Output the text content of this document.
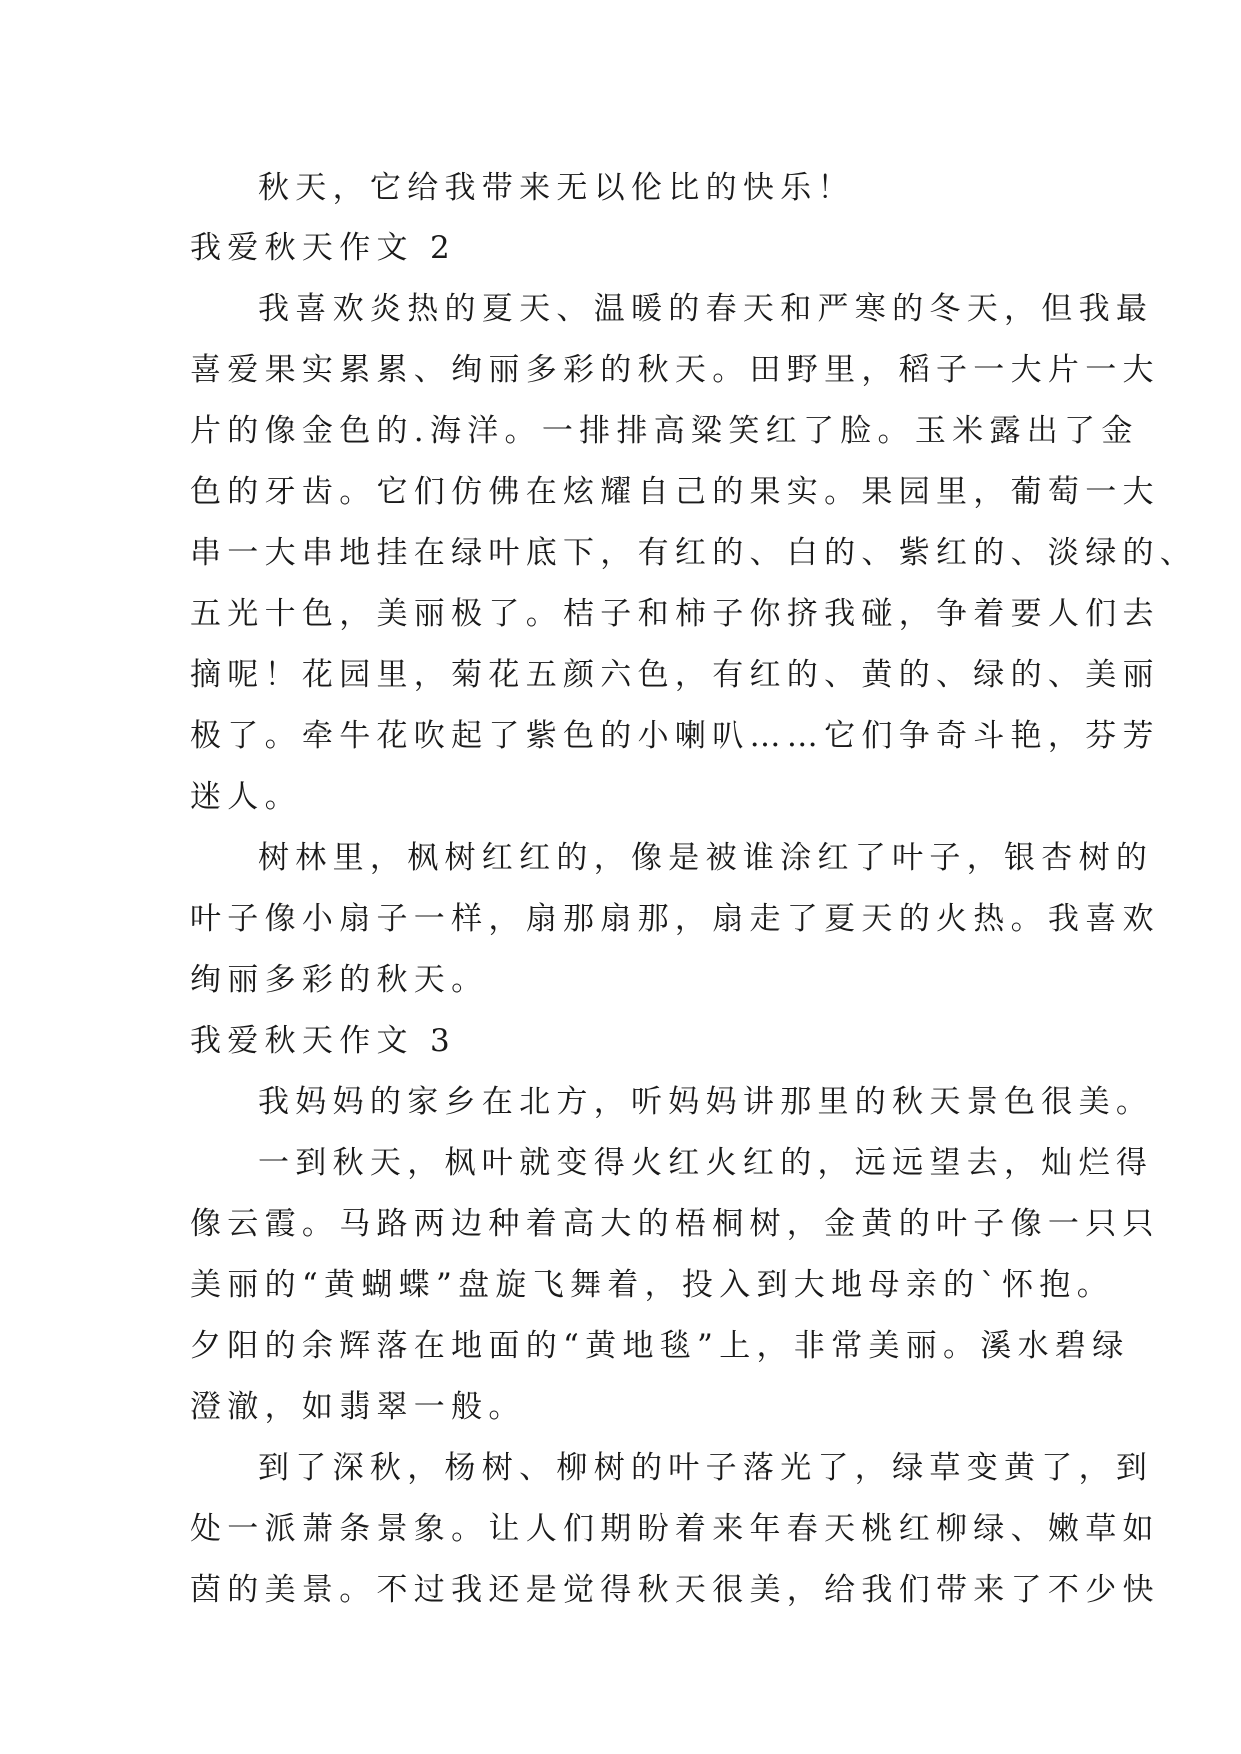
秋天，它给我带来无以伦比的快乐！
我爱秋天作文 2
我喜欢炎热的夏天、温暖的春天和严寒的冬天，但我最
喜爱果实累累、绚丽多彩的秋天。田野里，稻子一大片一大
片的像金色的.海洋。一排排高粱笑红了脸。玉米露出了金
色的牙齿。它们仿佛在炫耀自己的果实。果园里，葡萄一大
串一大串地挂在绿叶底下，有红的、白的、紫红的、淡绿的、
五光十色，美丽极了。桔子和柿子你挤我碰，争着要人们去
摘呢！花园里，菊花五颜六色，有红的、黄的、绿的、美丽
极了。牵牛花吹起了紫色的小喇叭……它们争奇斗艳，芬芳
迷人。
树林里，枫树红红的，像是被谁涂红了叶子，银杏树的
叶子像小扇子一样，扇那扇那，扇走了夏天的火热。我喜欢
绚丽多彩的秋天。
我爱秋天作文 3
我妈妈的家乡在北方，听妈妈讲那里的秋天景色很美。
一到秋天，枫叶就变得火红火红的，远远望去，灿烂得
像云霞。马路两边种着高大的梧桐树，金黄的叶子像一只只
美丽的“黄蝴蝶”盘旋飞舞着，投入到大地母亲的`怀抱。
夕阳的余辉落在地面的“黄地毯”上，非常美丽。溪水碧绿
澄澈，如翡翠一般。
到了深秋，杨树、柳树的叶子落光了，绿草变黄了，到
处一派萧条景象。让人们期盼着来年春天桃红柳绿、嫩草如
茵的美景。不过我还是觉得秋天很美，给我们带来了不少快
